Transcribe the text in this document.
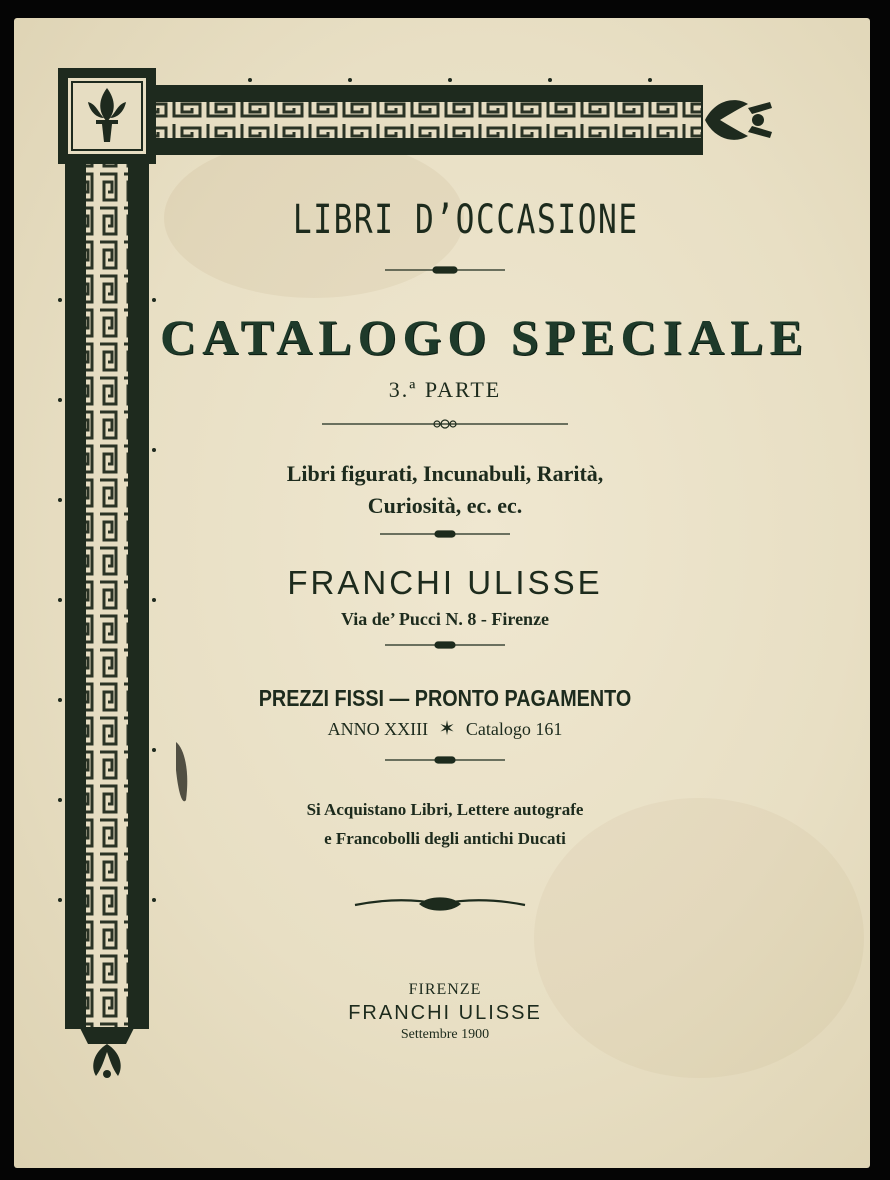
LIBRI D’OCCASIONE
CATALOGO SPECIALE
3.ª PARTE
Libri figurati, Incunabuli, Rarità,
Curiosità, ec. ec.
FRANCHI ULISSE
Via de’ Pucci N. 8 - Firenze
PREZZI FISSI — PRONTO PAGAMENTO
ANNO XXIII ✶ Catalogo 161
Si Acquistano Libri, Lettere autografe
e Francobolli degli antichi Ducati
FIRENZE
FRANCHI ULISSE
Settembre 1900
